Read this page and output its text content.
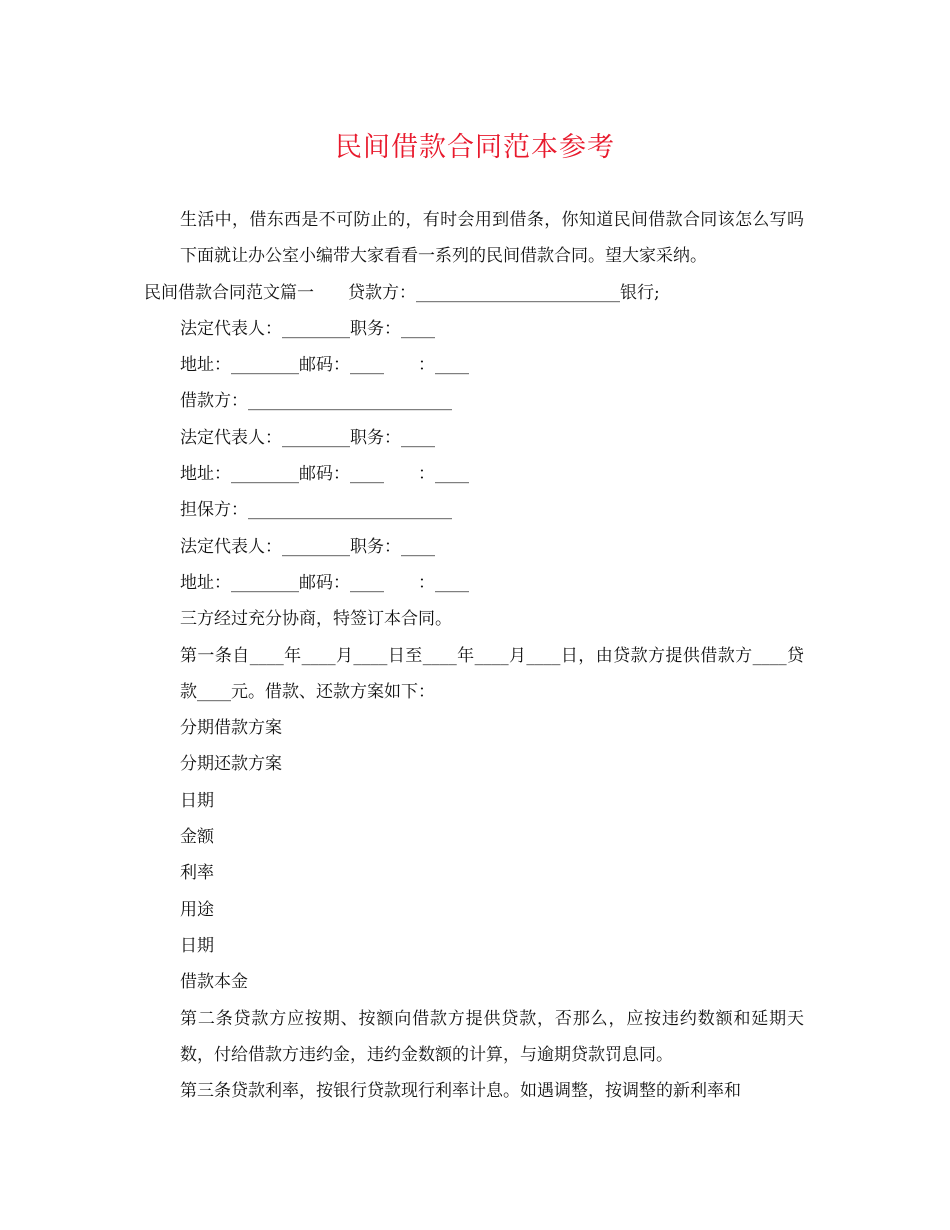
民间借款合同范本参考

生活中，借东西是不可防止的，有时会用到借条，你知道民间借款合同该怎么写吗下面就让办公室小编带大家看看一系列的民间借款合同。望大家采纳。

民间借款合同范文篇一　　贷款方：________________________银行;

法定代表人：________职务：____

地址：________邮码：____　　：____

借款方：________________________

法定代表人：________职务：____

地址：________邮码：____　　：____

担保方：________________________

法定代表人：________职务：____

地址：________邮码：____　　：____

三方经过充分协商，特签订本合同。

第一条自____年____月____日至____年____月____日，由贷款方提供借款方____贷款____元。借款、还款方案如下：

分期借款方案

分期还款方案

日期

金额

利率

用途

日期

借款本金

第二条贷款方应按期、按额向借款方提供贷款，否那么，应按违约数额和延期天数，付给借款方违约金，违约金数额的计算，与逾期贷款罚息同。

第三条贷款利率，按银行贷款现行利率计息。如遇调整，按调整的新利率和
